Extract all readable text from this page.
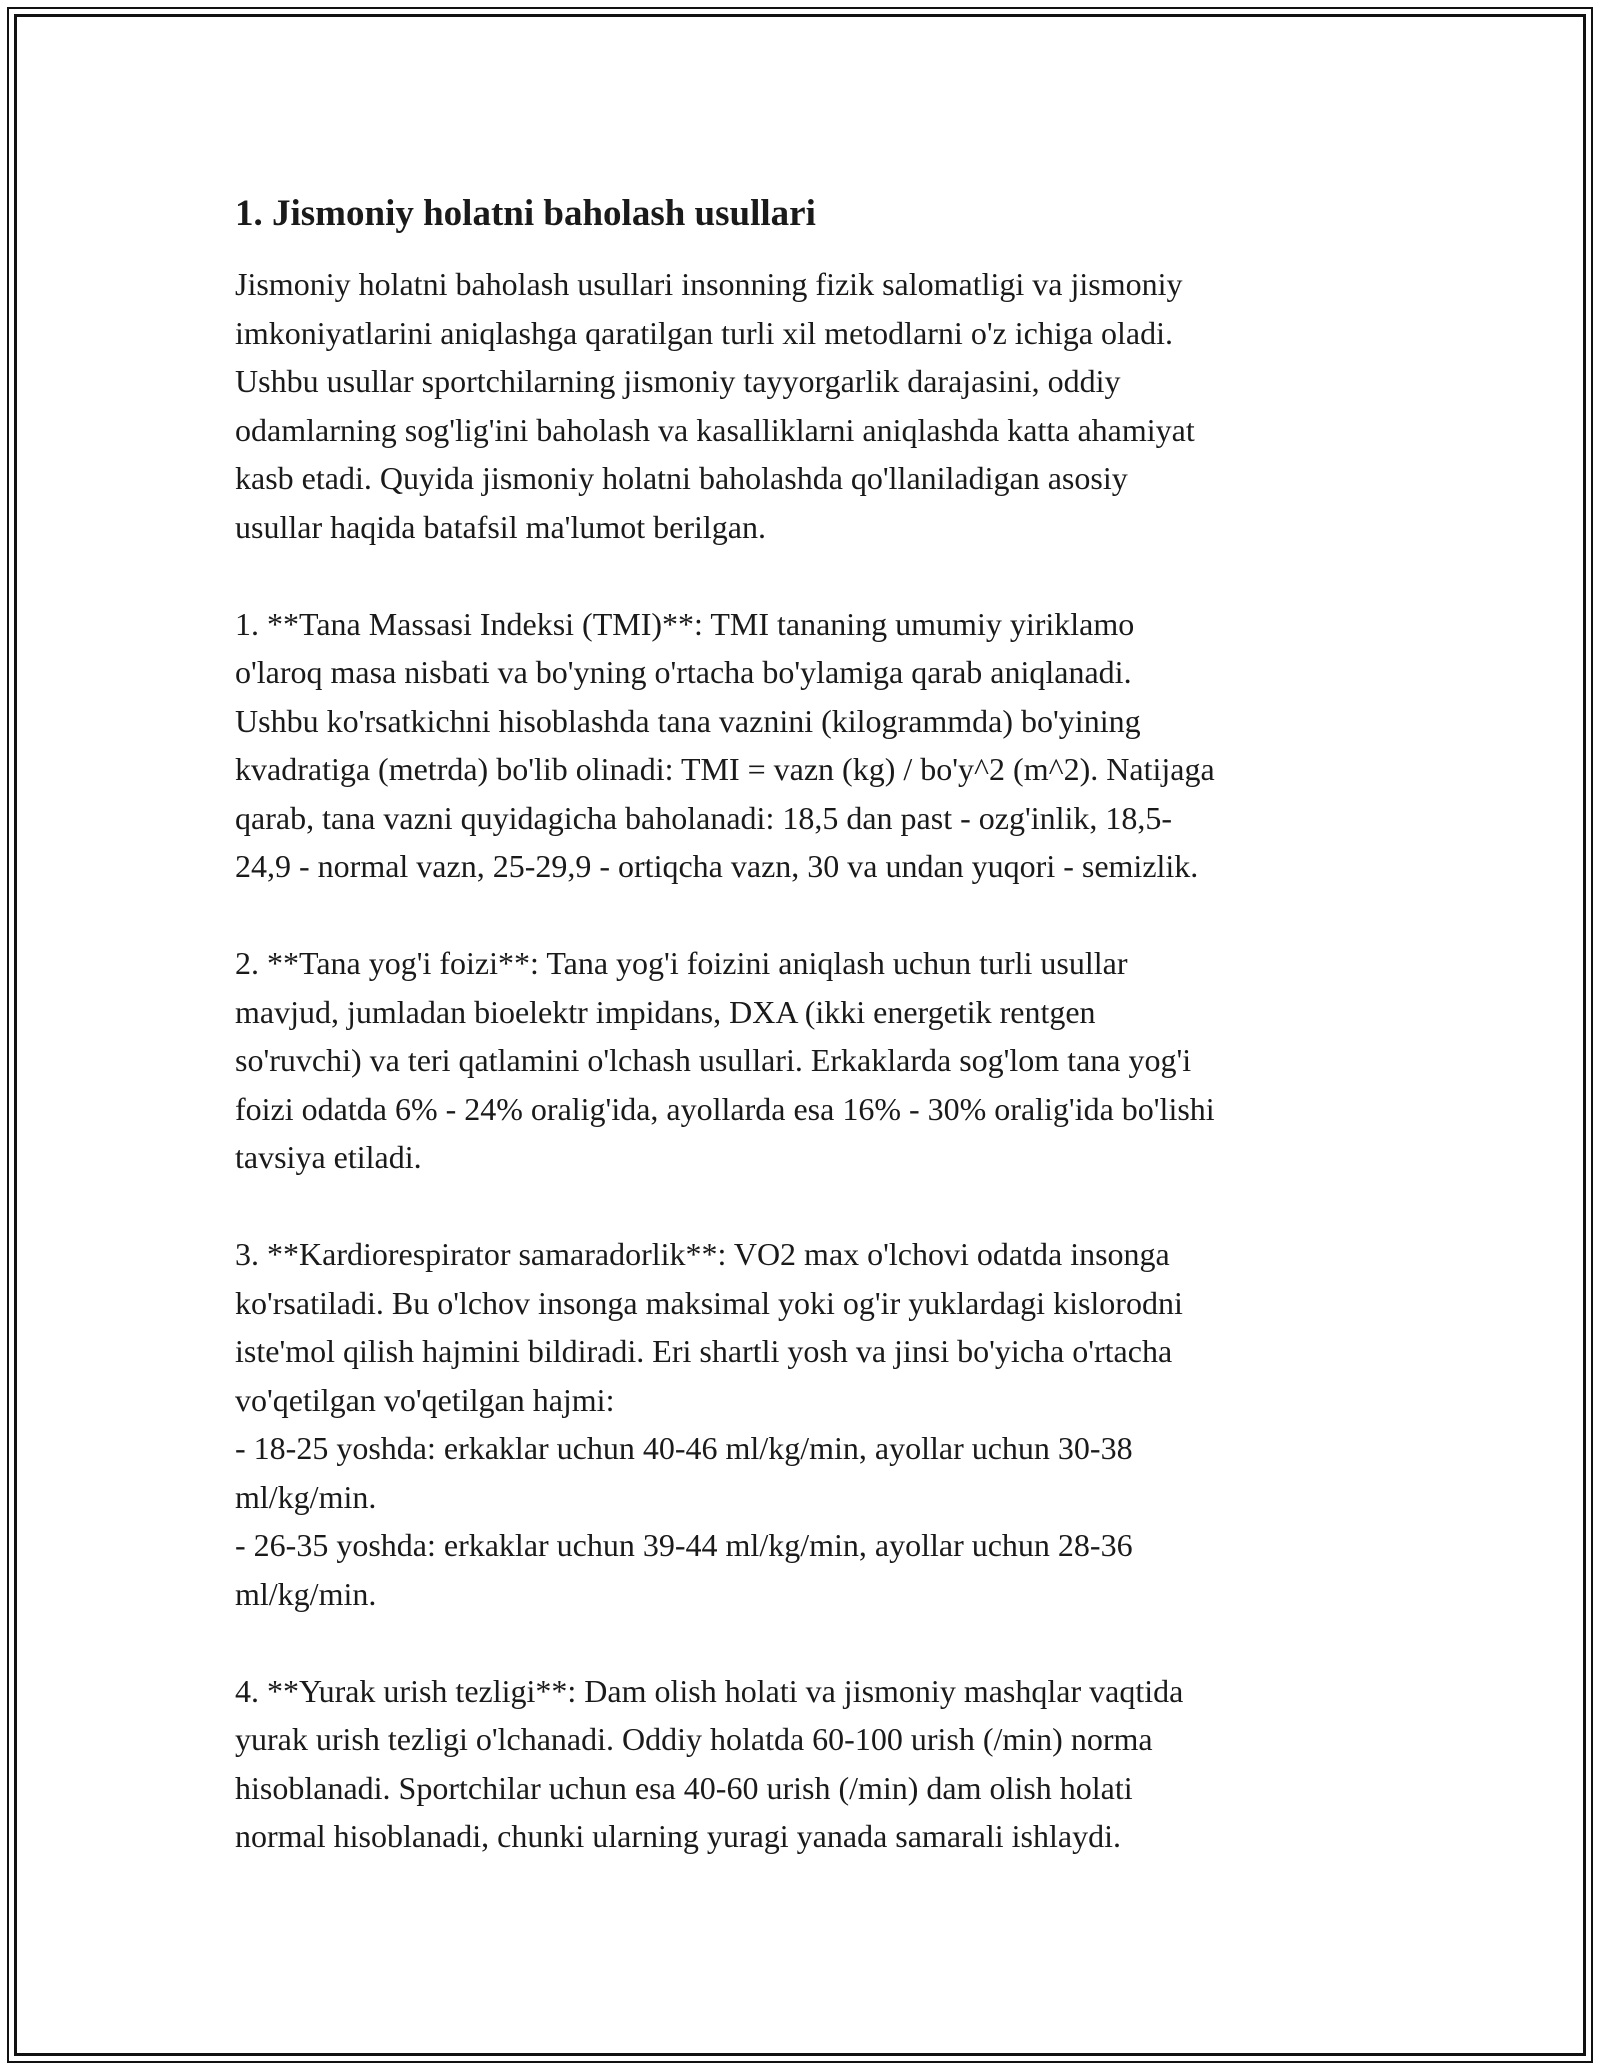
1. Jismoniy holatni baholash usullari

Jismoniy holatni baholash usullari insonning fizik salomatligi va jismoniy
imkoniyatlarini aniqlashga qaratilgan turli xil metodlarni o'z ichiga oladi.
Ushbu usullar sportchilarning jismoniy tayyorgarlik darajasini, oddiy
odamlarning sog'lig'ini baholash va kasalliklarni aniqlashda katta ahamiyat
kasb etadi. Quyida jismoniy holatni baholashda qo'llaniladigan asosiy
usullar haqida batafsil ma'lumot berilgan.

1. **Tana Massasi Indeksi (TMI)**: TMI tananing umumiy yiriklamo
o'laroq masa nisbati va bo'yning o'rtacha bo'ylamiga qarab aniqlanadi.
Ushbu ko'rsatkichni hisoblashda tana vaznini (kilogrammda) bo'yining
kvadratiga (metrda) bo'lib olinadi: TMI = vazn (kg) / bo'y^2 (m^2). Natijaga
qarab, tana vazni quyidagicha baholanadi: 18,5 dan past - ozg'inlik, 18,5-
24,9 - normal vazn, 25-29,9 - ortiqcha vazn, 30 va undan yuqori - semizlik.

2. **Tana yog'i foizi**: Tana yog'i foizini aniqlash uchun turli usullar
mavjud, jumladan bioelektr impidans, DXA (ikki energetik rentgen
so'ruvchi) va teri qatlamini o'lchash usullari. Erkaklarda sog'lom tana yog'i
foizi odatda 6% - 24% oralig'ida, ayollarda esa 16% - 30% oralig'ida bo'lishi
tavsiya etiladi.

3. **Kardiorespirator samaradorlik**: VO2 max o'lchovi odatda insonga
ko'rsatiladi. Bu o'lchov insonga maksimal yoki og'ir yuklardagi kislorodni
iste'mol qilish hajmini bildiradi. Eri shartli yosh va jinsi bo'yicha o'rtacha
vo'qetilgan vo'qetilgan hajmi:
- 18-25 yoshda: erkaklar uchun 40-46 ml/kg/min, ayollar uchun 30-38
ml/kg/min.
- 26-35 yoshda: erkaklar uchun 39-44 ml/kg/min, ayollar uchun 28-36
ml/kg/min.

4. **Yurak urish tezligi**: Dam olish holati va jismoniy mashqlar vaqtida
yurak urish tezligi o'lchanadi. Oddiy holatda 60-100 urish (/min) norma
hisoblanadi. Sportchilar uchun esa 40-60 urish (/min) dam olish holati
normal hisoblanadi, chunki ularning yuragi yanada samarali ishlaydi.
